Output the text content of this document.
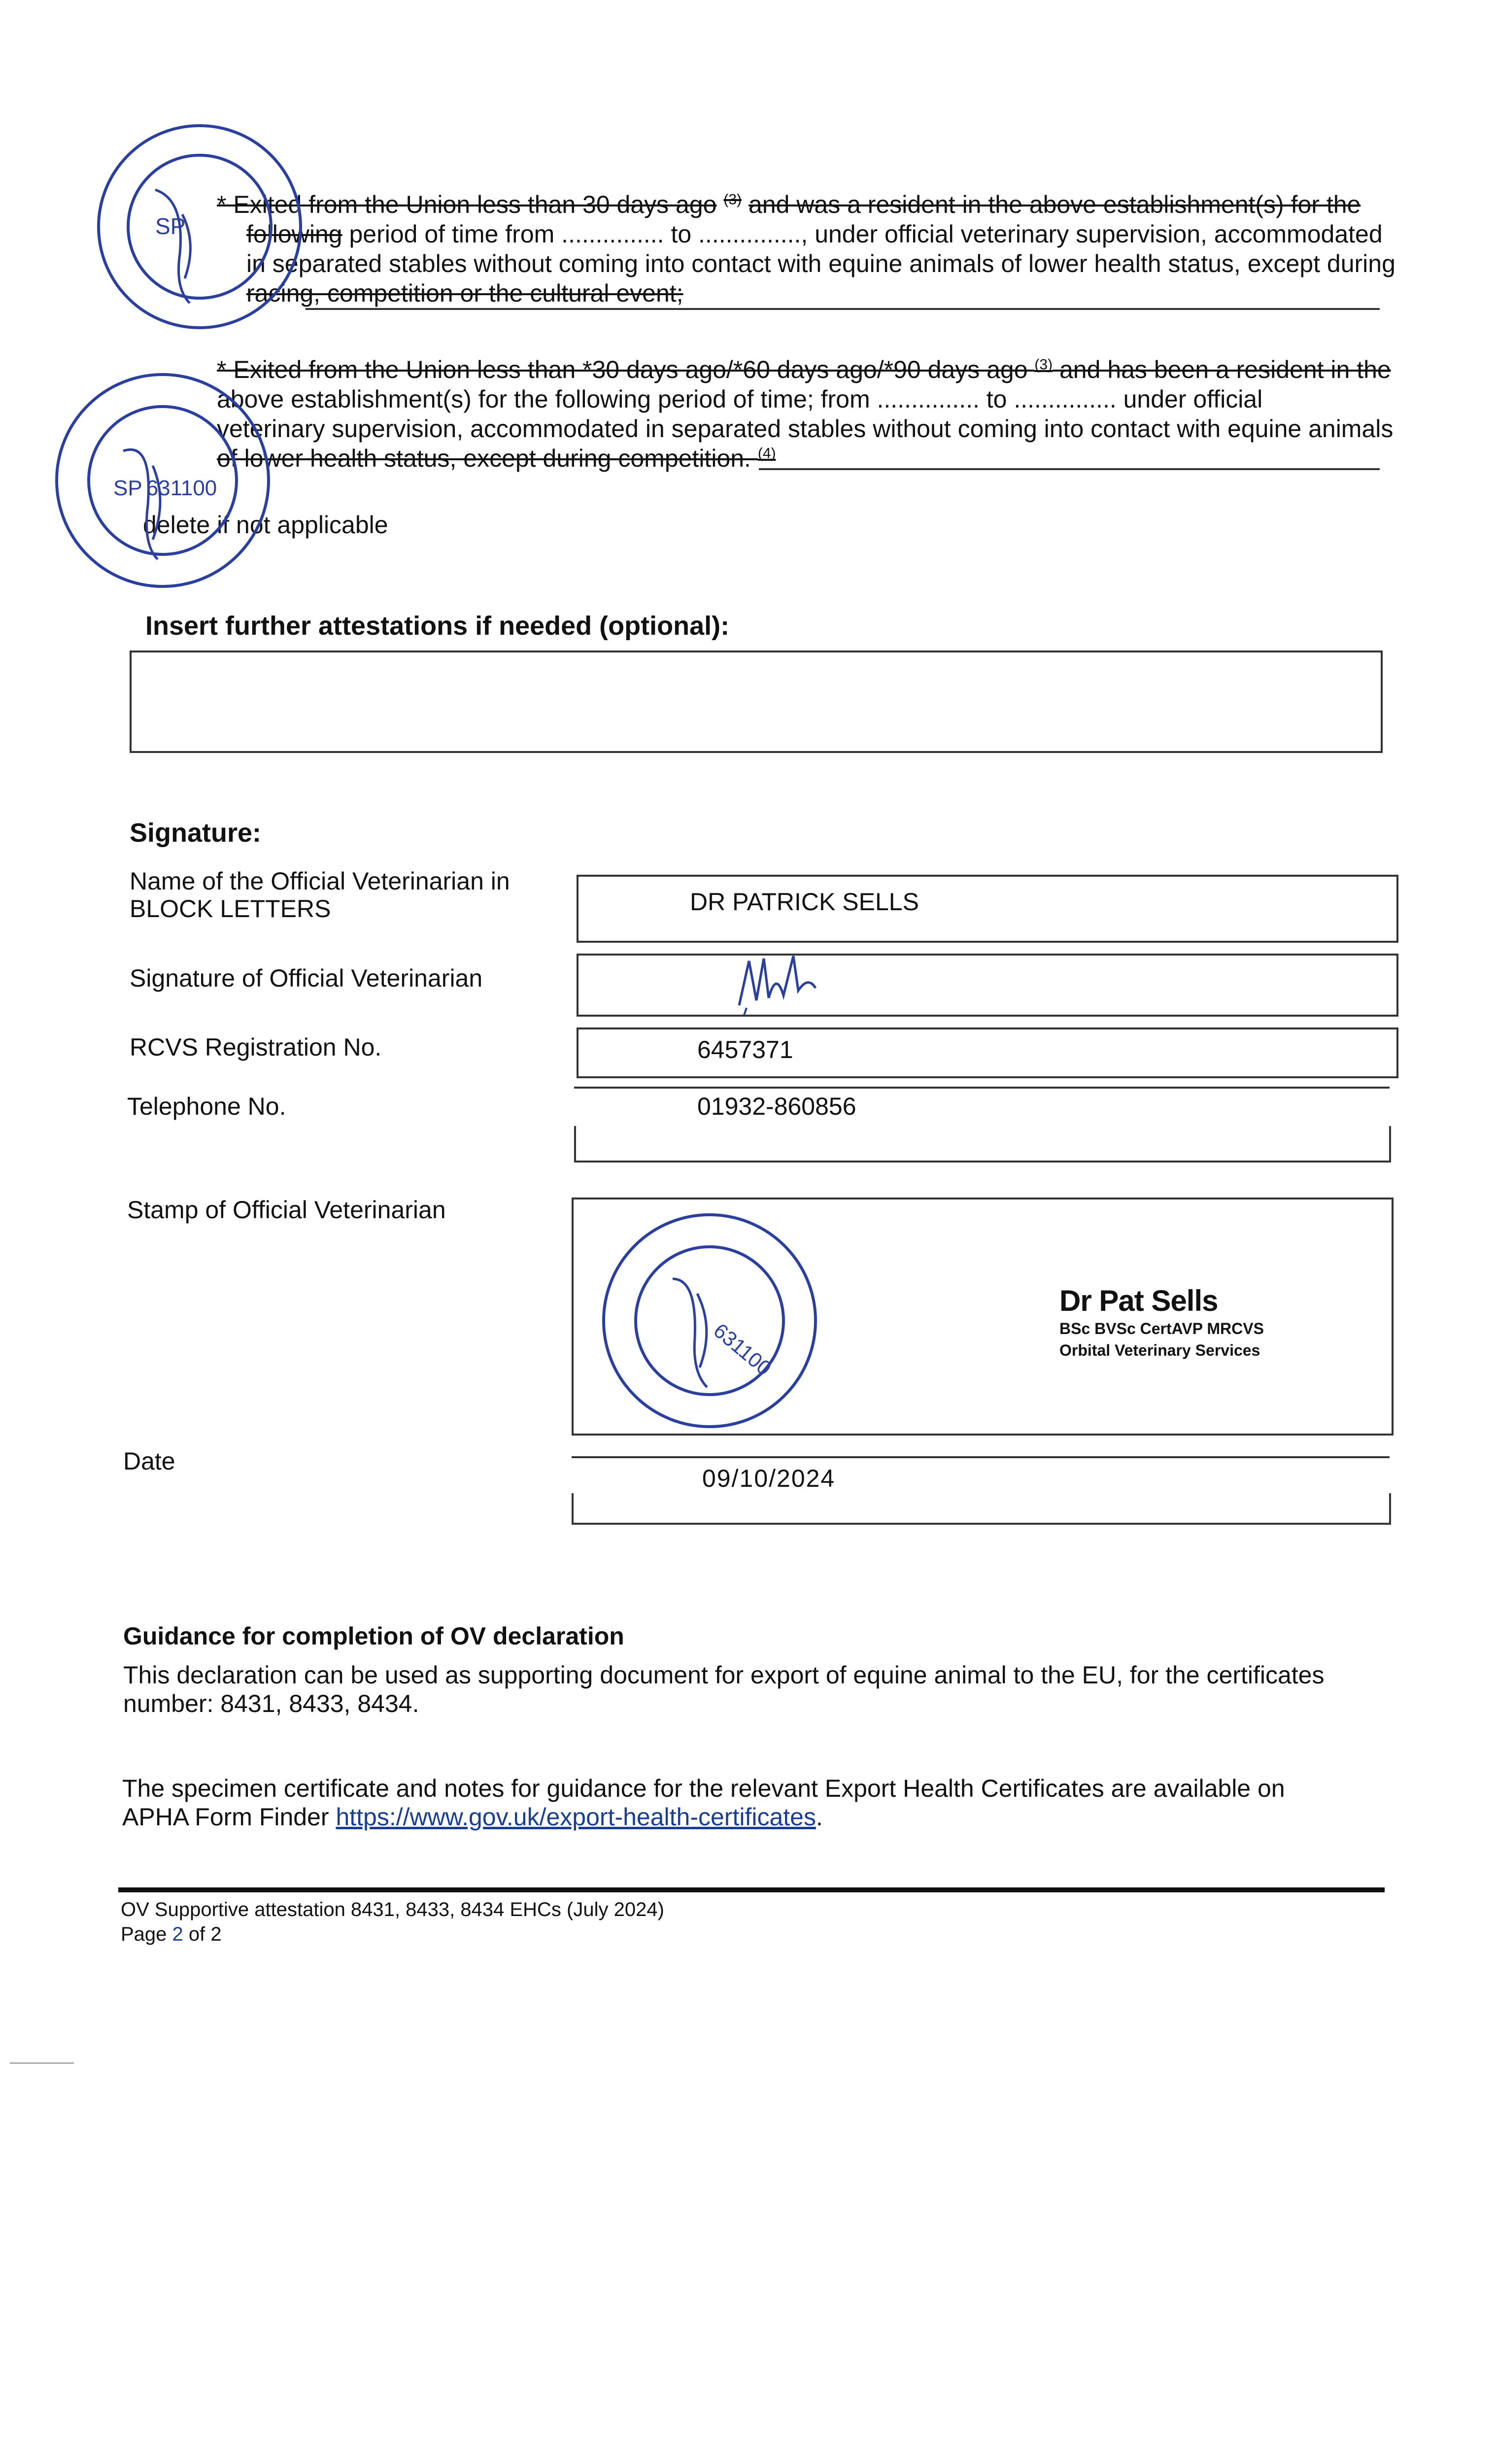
* Exited from the Union less than 30 days ago $^{(3)}$ and was a resident in the above establishment(s) for the
following period of time from ............... to ..............., under official veterinary supervision, accommodated
in separated stables without coming into contact with equine animals of lower health status, except during
racing, competition or the cultural event;
* Exited from the Union less than *30 days ago/*60 days ago/*90 days ago $^{(3)}$ and has been a resident in the
above establishment(s) for the following period of time; from ............... to ............... under official
veterinary supervision, accommodated in separated stables without coming into contact with equine animals
of lower health status, except during competition. $^{(4)}$
delete if not applicable
SP
SP 631100
Insert further attestations if needed (optional):
Signature:
Name of the Official Veterinarian in
BLOCK LETTERS	DR PATRICK SELLS
Signature of Official Veterinarian
RCVS Registration No.	6457371
Telephone No.	01932-860856
Stamp of Official Veterinarian
631100
Dr Pat Sells
BSc BVSc CertAVP MRCVS
Orbital Veterinary Services
Date
09/10/2024
Guidance for completion of OV declaration
This declaration can be used as supporting document for export of equine animal to the EU, for the certificates
number: 8431, 8433, 8434.
The specimen certificate and notes for guidance for the relevant Export Health Certificates are available on
APHA Form Finder https://www.gov.uk/export-health-certificates.
OV Supportive attestation 8431, 8433, 8434 EHCs (July 2024)
Page 2 of 2
